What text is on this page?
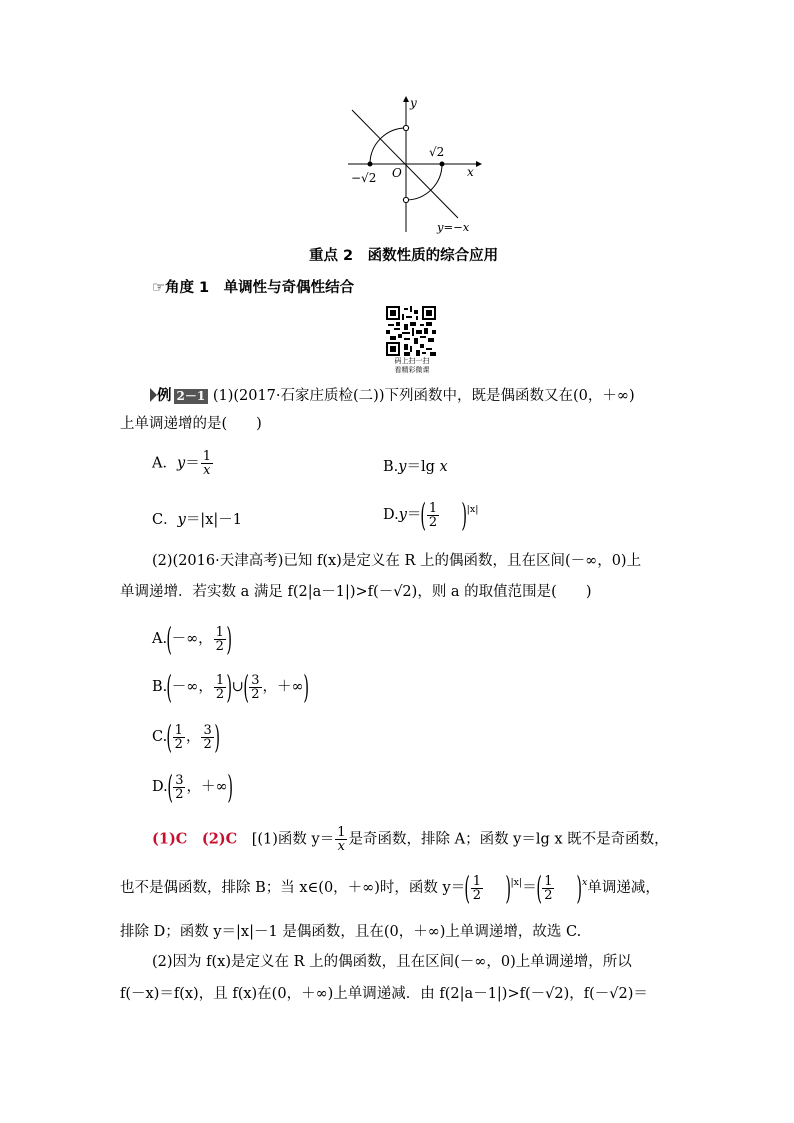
y
x
O
−√2
√2
y=−x
重点 2　函数性质的综合应用
☞角度 1　单调性与奇偶性结合
码上扫一扫
看精彩微课
例 2－1 (1)(2017·石家庄质检(二))下列函数中，既是偶函数又在(0，＋∞)
上单调递增的是(　　)
A．$y= \frac{1}{x}$	B.y＝lg x
C．y＝|x|－1	$D.y=( \frac{1}{2} )^{|x|}$
(2)(2016·天津高考)已知 f(x)是定义在 R 上的偶函数，且在区间(－∞，0)上
单调递增．若实数 a 满足 f(2|a－1|)>f(－√2)，则 a 的取值范围是(　　)
A.(－∞， $\frac{1}{2}$ )
B.(－∞， $\frac{1}{2}$ )∪( $\frac{3}{2}$ ，＋∞)
$C.( \frac{1}{2}$ ， $\frac{3}{2}$ )
$D.( \frac{3}{2}$ ，＋∞)
(1)C　(2)C　 [(1)函数 $y= \frac{1}{x}$ 是奇函数，排除 A；函数 y＝lg x 既不是奇函数，
也不是偶函数，排除 B；当 x∈(0，＋∞)时，函数 $y=( \frac{1}{2} )^{|x|}=( \frac{1}{2} )^x$单调递减，
排除 D；函数 y＝|x|－1 是偶函数，且在(0，＋∞)上单调递增，故选 C.
(2)因为 f(x)是定义在 R 上的偶函数，且在区间(－∞，0)上单调递增，所以
f(－x)＝f(x)，且 f(x)在(0，＋∞)上单调递减．由 f(2|a－1|)>f(－√2)，f(－√2)＝
